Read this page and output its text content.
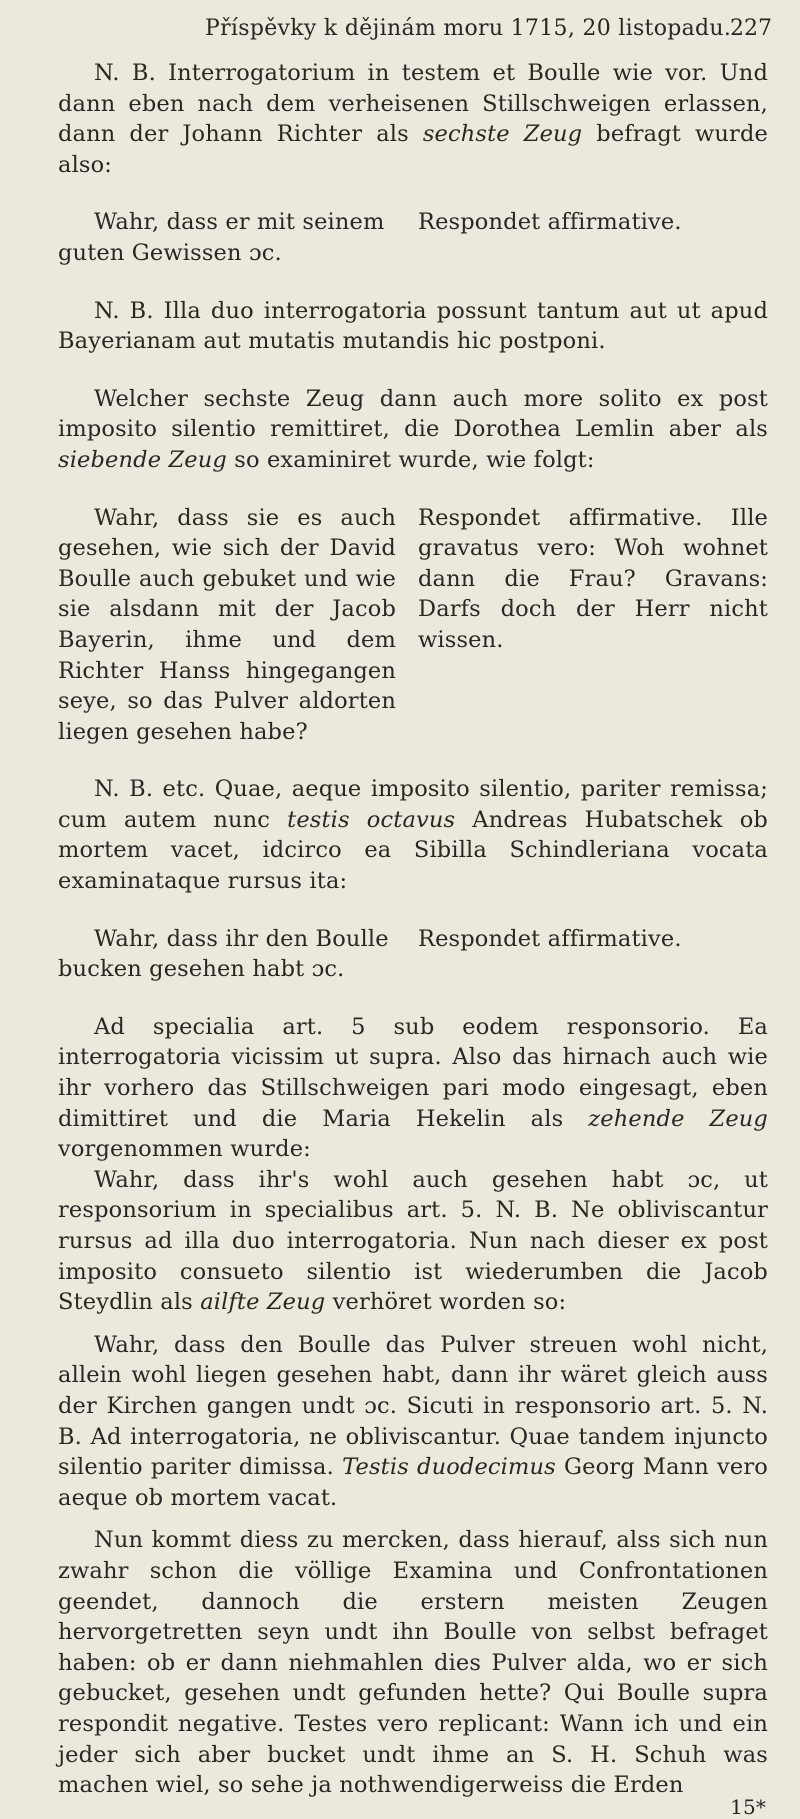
Příspěvky k dějinám moru 1715, 20 listopadu.
227

N. B. Interrogatorium in testem et Boulle wie vor. Und dann eben nach dem verheisenen Stillschweigen erlassen, dann der Johann Richter als sechste Zeug befragt wurde also:

Wahr, dass er mit seinem guten Gewissen ɔc.
Respondet affirmative.

N. B. Illa duo interrogatoria possunt tantum aut ut apud Bayerianam aut mutatis mutandis hic postponi.

Welcher sechste Zeug dann auch more solito ex post imposito silentio remittiret, die Dorothea Lemlin aber als siebende Zeug so examiniret wurde, wie folgt:

Wahr, dass sie es auch gesehen, wie sich der David Boulle auch gebuket und wie sie alsdann mit der Jacob Bayerin, ihme und dem Richter Hanss hingegangen seye, so das Pulver aldorten liegen gesehen habe?
Respondet affirmative. Ille gravatus vero: Woh wohnet dann die Frau? Gravans: Darfs doch der Herr nicht wissen.

N. B. etc. Quae, aeque imposito silentio, pariter remissa; cum autem nunc testis octavus Andreas Hubatschek ob mortem vacet, idcirco ea Sibilla Schindleriana vocata examinataque rursus ita:

Wahr, dass ihr den Boulle bucken gesehen habt ɔc.
Respondet affirmative.

Ad specialia art. 5 sub eodem responsorio. Ea interrogatoria vicissim ut supra. Also das hirnach auch wie ihr vorhero das Stillschweigen pari modo eingesagt, eben dimittiret und die Maria Hekelin als zehende Zeug vorgenommen wurde:

Wahr, dass ihr's wohl auch gesehen habt ɔc, ut responsorium in specialibus art. 5. N. B. Ne obliviscantur rursus ad illa duo interrogatoria. Nun nach dieser ex post imposito consueto silentio ist wiederumben die Jacob Steydlin als ailfte Zeug verhöret worden so:

Wahr, dass den Boulle das Pulver streuen wohl nicht, allein wohl liegen gesehen habt, dann ihr wäret gleich auss der Kirchen gangen undt ɔc. Sicuti in responsorio art. 5. N. B. Ad interrogatoria, ne obliviscantur. Quae tandem injuncto silentio pariter dimissa. Testis duodecimus Georg Mann vero aeque ob mortem vacat.

Nun kommt diess zu mercken, dass hierauf, alss sich nun zwahr schon die völlige Examina und Confrontationen geendet, dannoch die erstern meisten Zeugen hervorgetretten seyn undt ihn Boulle von selbst befraget haben: ob er dann niehmahlen dies Pulver alda, wo er sich gebucket, gesehen undt gefunden hette? Qui Boulle supra respondit negative. Testes vero replicant: Wann ich und ein jeder sich aber bucket undt ihme an S. H. Schuh was machen wiel, so sehe ja nothwendigerweiss die Erden

15*
